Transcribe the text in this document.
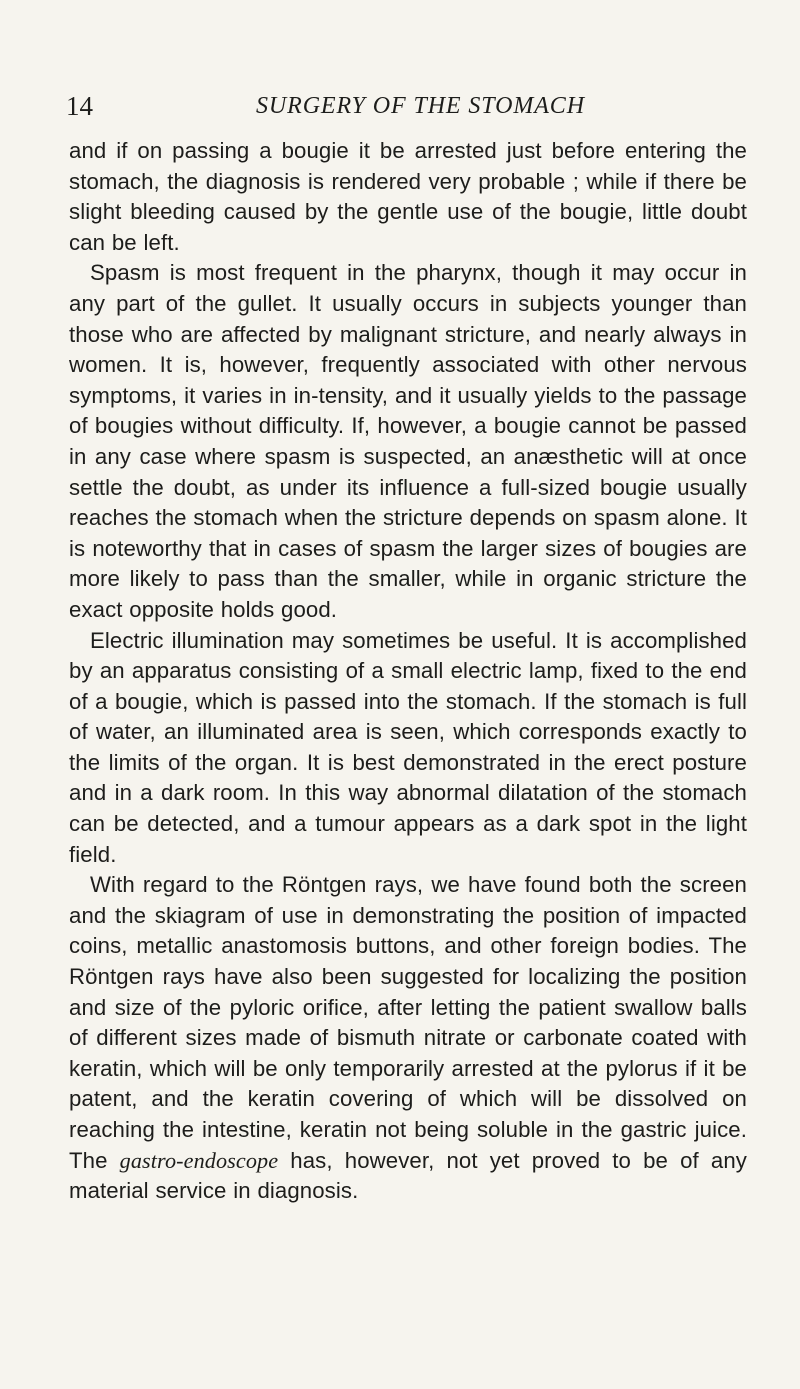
14	SURGERY OF THE STOMACH

and if on passing a bougie it be arrested just before entering the stomach, the diagnosis is rendered very probable ; while if there be slight bleeding caused by the gentle use of the bougie, little doubt can be left.

Spasm is most frequent in the pharynx, though it may occur in any part of the gullet. It usually occurs in subjects younger than those who are affected by malignant stricture, and nearly always in women. It is, however, frequently associated with other nervous symptoms, it varies in in-tensity, and it usually yields to the passage of bougies without difficulty. If, however, a bougie cannot be passed in any case where spasm is suspected, an anæsthetic will at once settle the doubt, as under its influence a full-sized bougie usually reaches the stomach when the stricture depends on spasm alone. It is noteworthy that in cases of spasm the larger sizes of bougies are more likely to pass than the smaller, while in organic stricture the exact opposite holds good.

Electric illumination may sometimes be useful. It is accomplished by an apparatus consisting of a small electric lamp, fixed to the end of a bougie, which is passed into the stomach. If the stomach is full of water, an illuminated area is seen, which corresponds exactly to the limits of the organ. It is best demonstrated in the erect posture and in a dark room. In this way abnormal dilatation of the stomach can be detected, and a tumour appears as a dark spot in the light field.

With regard to the Röntgen rays, we have found both the screen and the skiagram of use in demonstrating the position of impacted coins, metallic anastomosis buttons, and other foreign bodies. The Röntgen rays have also been suggested for localizing the position and size of the pyloric orifice, after letting the patient swallow balls of different sizes made of bismuth nitrate or carbonate coated with keratin, which will be only temporarily arrested at the pylorus if it be patent, and the keratin covering of which will be dissolved on reaching the intestine, keratin not being soluble in the gastric juice. The gastro-endoscope has, however, not yet proved to be of any material service in diagnosis.
